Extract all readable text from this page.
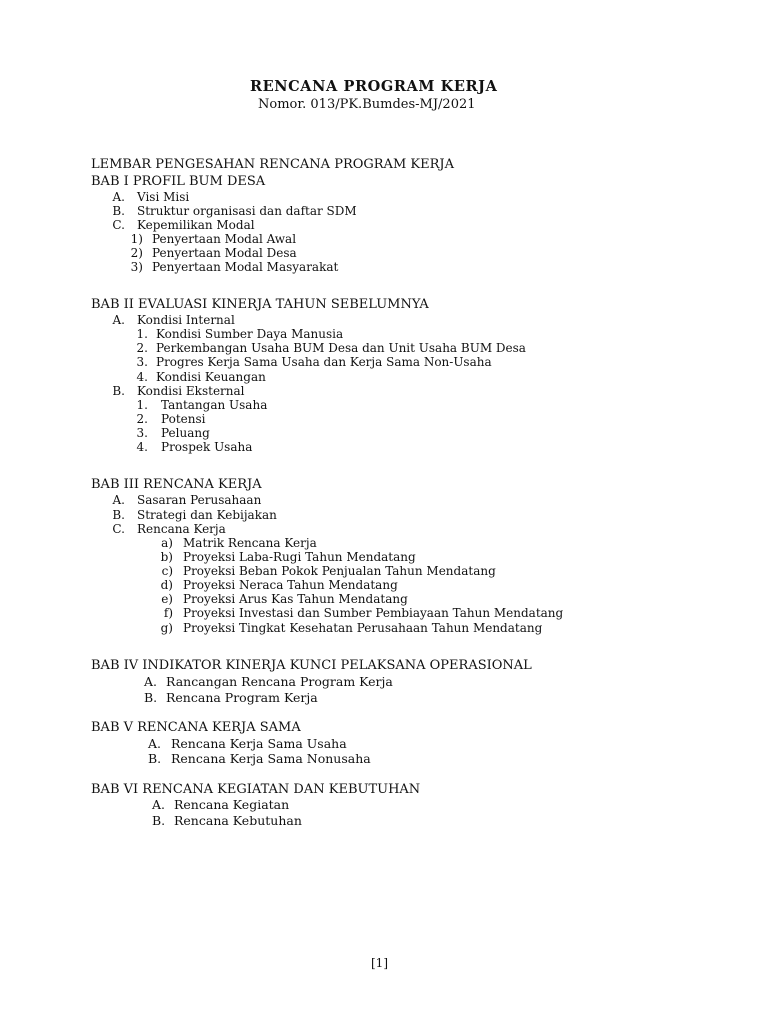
RENCANA PROGRAM KERJA
Nomor. 013/PK.Bumdes-MJ/2021
LEMBAR PENGESAHAN RENCANA PROGRAM KERJA
BAB I PROFIL BUM DESA
A. Visi Misi
B. Struktur organisasi dan daftar SDM
C. Kepemilikan Modal
1) Penyertaan Modal Awal
2) Penyertaan Modal Desa
3) Penyertaan Modal Masyarakat
BAB II EVALUASI KINERJA TAHUN SEBELUMNYA
A. Kondisi Internal
1. Kondisi Sumber Daya Manusia
2. Perkembangan Usaha BUM Desa dan Unit Usaha BUM Desa
3. Progres Kerja Sama Usaha dan Kerja Sama Non-Usaha
4. Kondisi Keuangan
B. Kondisi Eksternal
1. Tantangan Usaha
2. Potensi
3. Peluang
4. Prospek Usaha
BAB III RENCANA KERJA
A. Sasaran Perusahaan
B. Strategi dan Kebijakan
C. Rencana Kerja
a) Matrik Rencana Kerja
b) Proyeksi Laba-Rugi Tahun Mendatang
c) Proyeksi Beban Pokok Penjualan Tahun Mendatang
d) Proyeksi Neraca Tahun Mendatang
e) Proyeksi Arus Kas Tahun Mendatang
f) Proyeksi Investasi dan Sumber Pembiayaan Tahun Mendatang
g) Proyeksi Tingkat Kesehatan Perusahaan Tahun Mendatang
BAB IV INDIKATOR KINERJA KUNCI PELAKSANA OPERASIONAL
A. Rancangan Rencana Program Kerja
B. Rencana Program Kerja
BAB V RENCANA KERJA SAMA
A. Rencana Kerja Sama Usaha
B. Rencana Kerja Sama Nonusaha
BAB VI RENCANA KEGIATAN DAN KEBUTUHAN
A. Rencana Kegiatan
B. Rencana Kebutuhan
[1]
